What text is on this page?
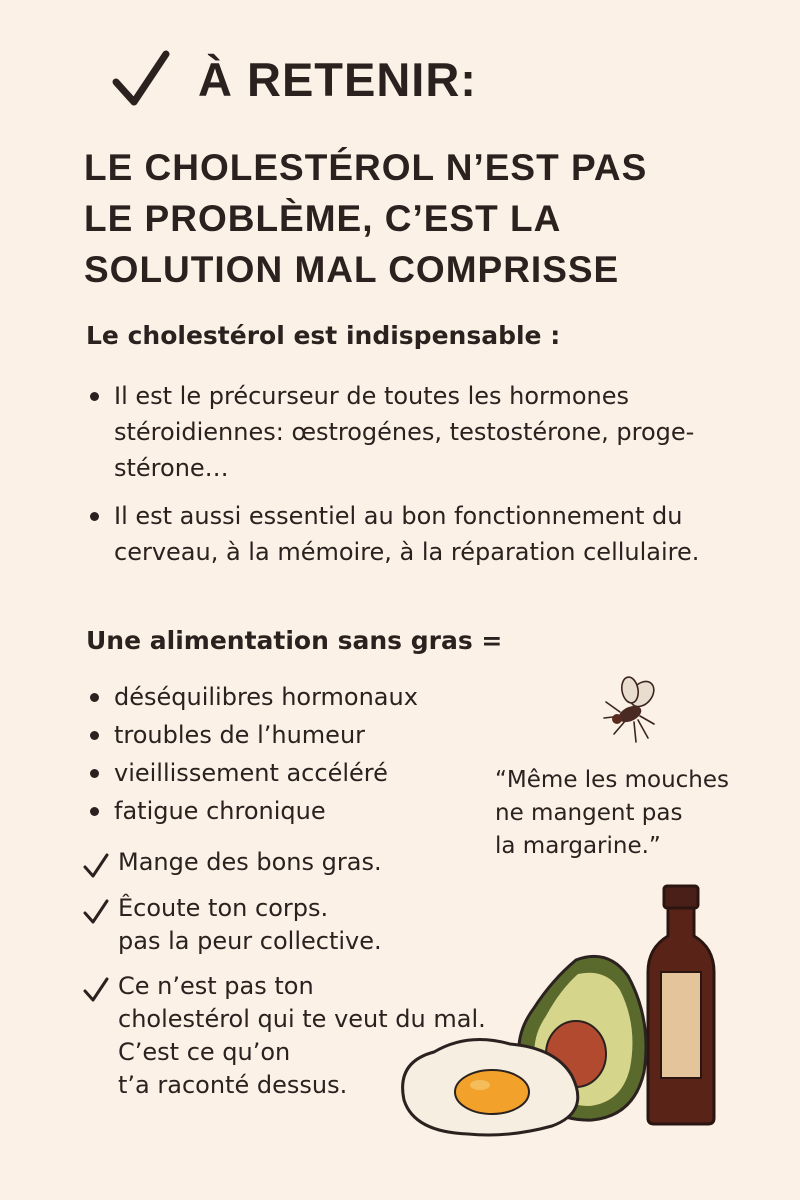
À RETENIR:
LE CHOLESTÉROL N’EST PAS
LE PROBLÈME, C’EST LA
SOLUTION MAL COMPRISSE
Le cholestérol est indispensable :
Il est le précurseur de toutes les hormones stéroidiennes: œstrogénes, testostérone, proge-stérone…
Il est aussi essentiel au bon fonctionnement du cerveau, à la mémoire, à la réparation cellulaire.
Une alimentation sans gras =
déséquilibres hormonaux
troubles de l’humeur
vieillissement accéléré
fatigue chronique
Mange des bons gras.
Êcoute ton corps.
pas la peur collective.
Ce n’est pas ton
cholestérol qui te veut du mal.
C’est ce qu’on
t’a raconté dessus.
“Même les mouches
ne mangent pas
la margarine.”
